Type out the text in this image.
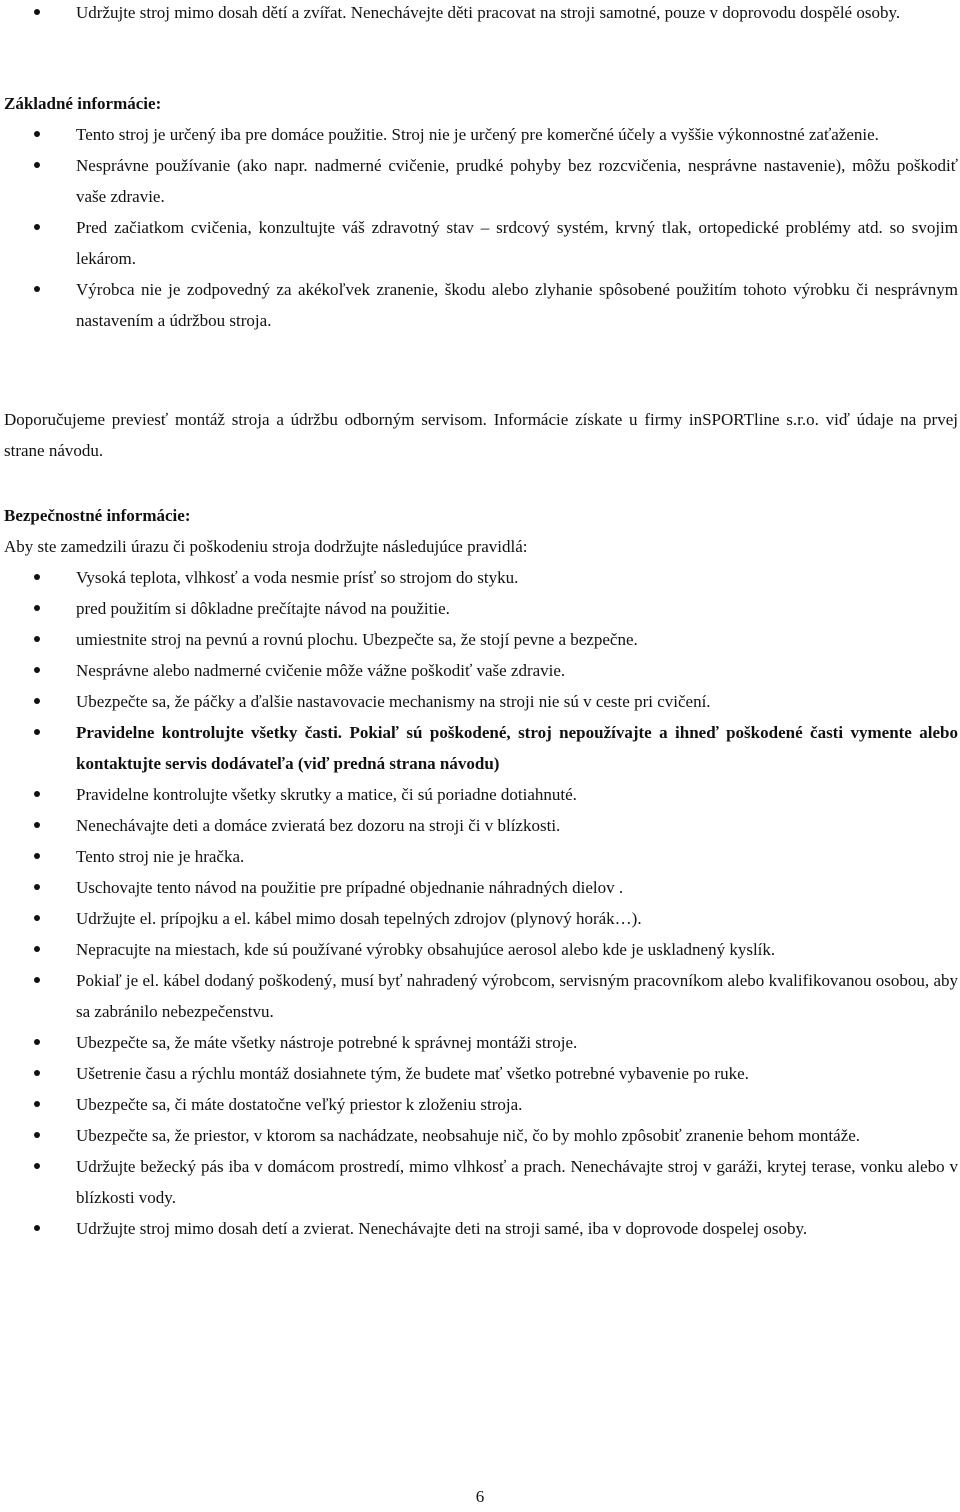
Udržujte stroj mimo dosah dětí a zvířat. Nenechávejte děti pracovat na stroji samotné, pouze v doprovodu dospělé osoby.
Základné informácie:
Tento stroj je určený iba pre domáce použitie. Stroj nie je určený pre komerčné účely a vyššie výkonnostné zaťaženie.
Nesprávne používanie (ako napr. nadmerné cvičenie, prudké pohyby bez rozcvičenia, nesprávne nastavenie), môžu poškodiť vaše zdravie.
Pred začiatkom cvičenia, konzultujte váš zdravotný stav – srdcový systém, krvný tlak, ortopedické problémy atd. so svojim lekárom.
Výrobca nie je zodpovedný za akékoľvek zranenie, škodu alebo zlyhanie spôsobené použitím tohoto výrobku či nesprávnym nastavením a údržbou stroja.

Doporučujeme previesť montáž stroja a údržbu odborným servisom. Informácie získate u firmy inSPORTline s.r.o. viď údaje na prvej strane návodu.

Bezpečnostné informácie:

Aby ste zamedzili úrazu či poškodeniu stroja dodržujte následujúce pravidlá:

Vysoká teplota, vlhkosť a voda nesmie prísť so strojom do styku.
pred použitím si dôkladne prečítajte návod na použitie.
umiestnite stroj na pevnú a rovnú plochu. Ubezpečte sa, že stojí pevne a bezpečne.
Nesprávne alebo nadmerné cvičenie môže vážne poškodiť vaše zdravie.
Ubezpečte sa, že páčky a ďalšie nastavovacie mechanismy na stroji nie sú v ceste pri cvičení.
Pravidelne kontrolujte všetky časti. Pokiaľ sú poškodené, stroj nepoužívajte a ihneď poškodené časti vymente alebo kontaktujte servis dodávateľa (viď predná strana návodu)
Pravidelne kontrolujte všetky skrutky a matice, či sú poriadne dotiahnuté.
Nenechávajte deti a domáce zvieratá bez dozoru na stroji či v blízkosti.
Tento stroj nie je hračka.
Uschovajte tento návod na použitie pre prípadné objednanie náhradných dielov .
Udržujte el. prípojku a el. kábel mimo dosah tepelných zdrojov (plynový horák…).
Nepracujte na miestach, kde sú používané výrobky obsahujúce aerosol alebo kde je uskladnený kyslík.
Pokiaľ je el. kábel dodaný poškodený, musí byť nahradený výrobcom, servisným pracovníkom alebo kvalifikovanou osobou, aby sa zabránilo nebezpečenstvu.
Ubezpečte sa, že máte všetky nástroje potrebné k správnej montáži stroje.
Ušetrenie času a rýchlu montáž dosiahnete tým, že budete mať všetko potrebné vybavenie po ruke.
Ubezpečte sa, či máte dostatočne veľký priestor k zloženiu stroja.
Ubezpečte sa, že priestor, v ktorom sa nachádzate, neobsahuje nič, čo by mohlo zpôsobiť zranenie behom montáže.
Udržujte bežecký pás iba v domácom prostredí, mimo vlhkosť a prach. Nenechávajte stroj v garáži, krytej terase, vonku alebo v blízkosti vody.
Udržujte stroj mimo dosah detí a zvierat. Nenechávajte deti na stroji samé, iba v doprovode dospelej osoby.
6
